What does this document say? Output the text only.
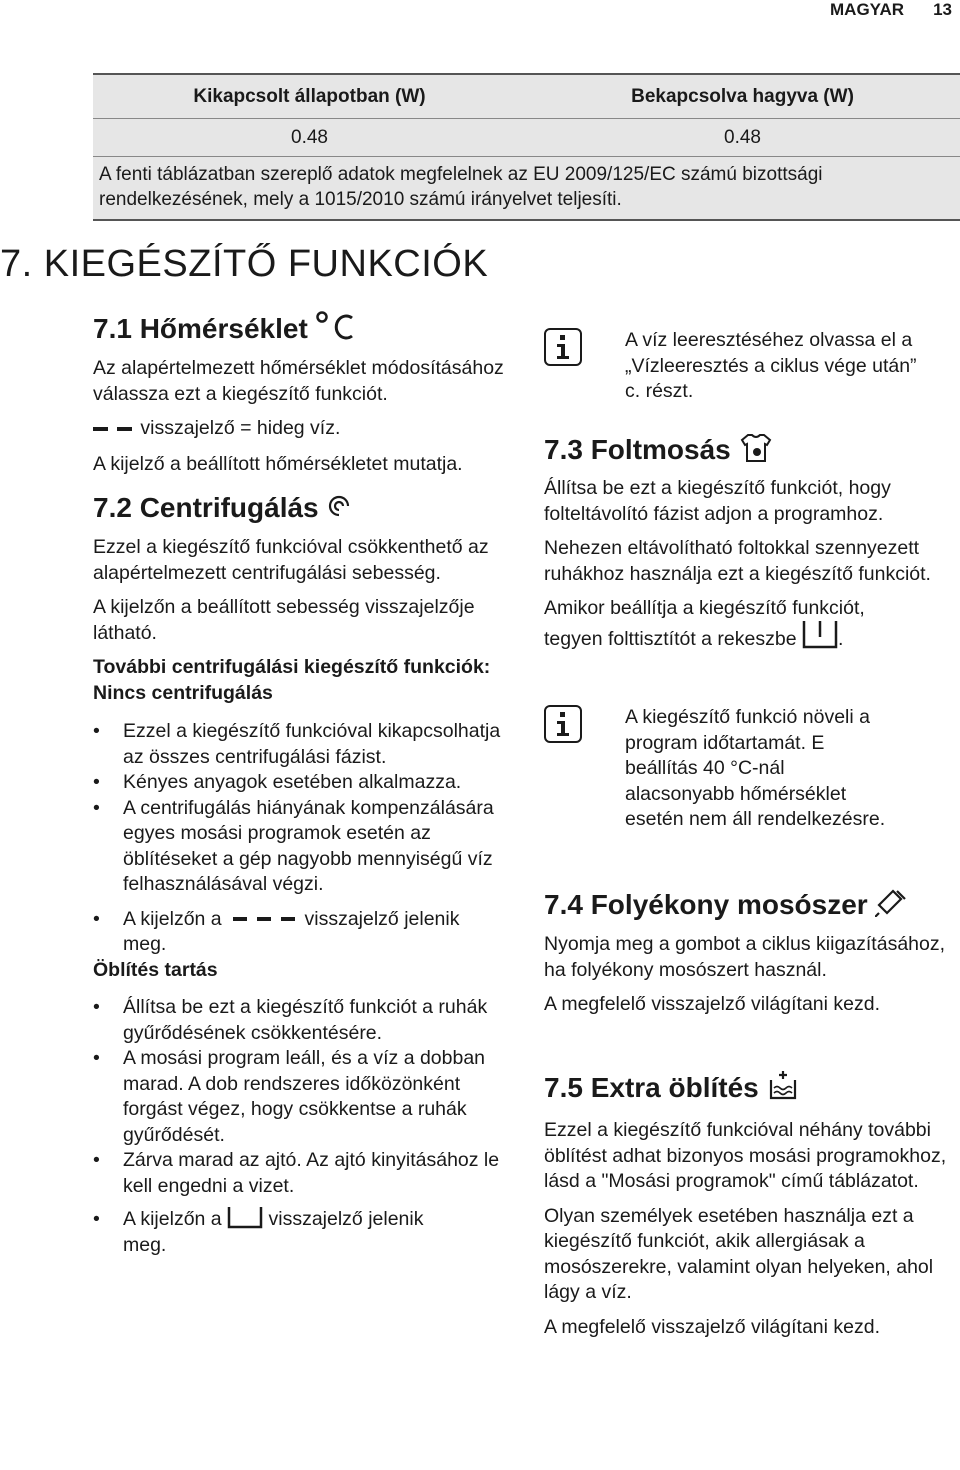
MAGYAR 13
Kikapcsolt állapotban (W)	Bekapcsolva hagyva (W)
0.48	0.48
A fenti táblázatban szereplő adatok megfelelnek az EU 2009/125/EC számú bizottsági rendelkezésének, mely a 1015/2010 számú irányelvet teljesíti.
7. KIEGÉSZÍTŐ FUNKCIÓK
7.1 Hőmérséklet
Az alapértelmezett hőmérséklet módosításához válassza ezt a kiegészítő funkciót.
visszajelző = hideg víz.
A kijelző a beállított hőmérsékletet mutatja.
7.2 Centrifugálás
Ezzel a kiegészítő funkcióval csökkenthető az alapértelmezett centrifugálási sebesség.
A kijelzőn a beállított sebesség visszajelzője látható.
További centrifugálási kiegészítő funkciók:
Nincs centrifugálás
• Ezzel a kiegészítő funkcióval kikapcsolhatja az összes centrifugálási fázist.
• Kényes anyagok esetében alkalmazza.
• A centrifugálás hiányának kompenzálására egyes mosási programok esetén az öblítéseket a gép nagyobb mennyiségű víz felhasználásával végzi.
• A kijelzőn a	visszajelző jelenik
meg.
Öblítés tartás
• Állítsa be ezt a kiegészítő funkciót a ruhák gyűrődésének csökkentésére.
• A mosási program leáll, és a víz a dobban marad. A dob rendszeres időközönként forgást végez, hogy csökkentse a ruhák gyűrődését.
• Zárva marad az ajtó. Az ajtó kinyitásához le kell engedni a vizet.
• A kijelzőn a visszajelző jelenik
meg.
A víz leeresztéséhez olvassa el a „Vízleeresztés a ciklus vége után” c. részt.
7.3 Foltmosás
Állítsa be ezt a kiegészítő funkciót, hogy folteltávolító fázist adjon a programhoz.
Nehezen eltávolítható foltokkal szennyezett ruhákhoz használja ezt a kiegészítő funkciót.
Amikor beállítja a kiegészítő funkciót,
tegyen folttisztítót a rekeszbe .
A kiegészítő funkció növeli a program időtartamát. E beállítás 40 °C-nál alacsonyabb hőmérséklet esetén nem áll rendelkezésre.
7.4 Folyékony mosószer
Nyomja meg a gombot a ciklus kiigazításához, ha folyékony mosószert használ.
A megfelelő visszajelző világítani kezd.
7.5 Extra öblítés
Ezzel a kiegészítő funkcióval néhány további öblítést adhat bizonyos mosási programokhoz, lásd a "Mosási programok" című táblázatot.
Olyan személyek esetében használja ezt a kiegészítő funkciót, akik allergiásak a mosószerekre, valamint olyan helyeken, ahol lágy a víz.
A megfelelő visszajelző világítani kezd.
